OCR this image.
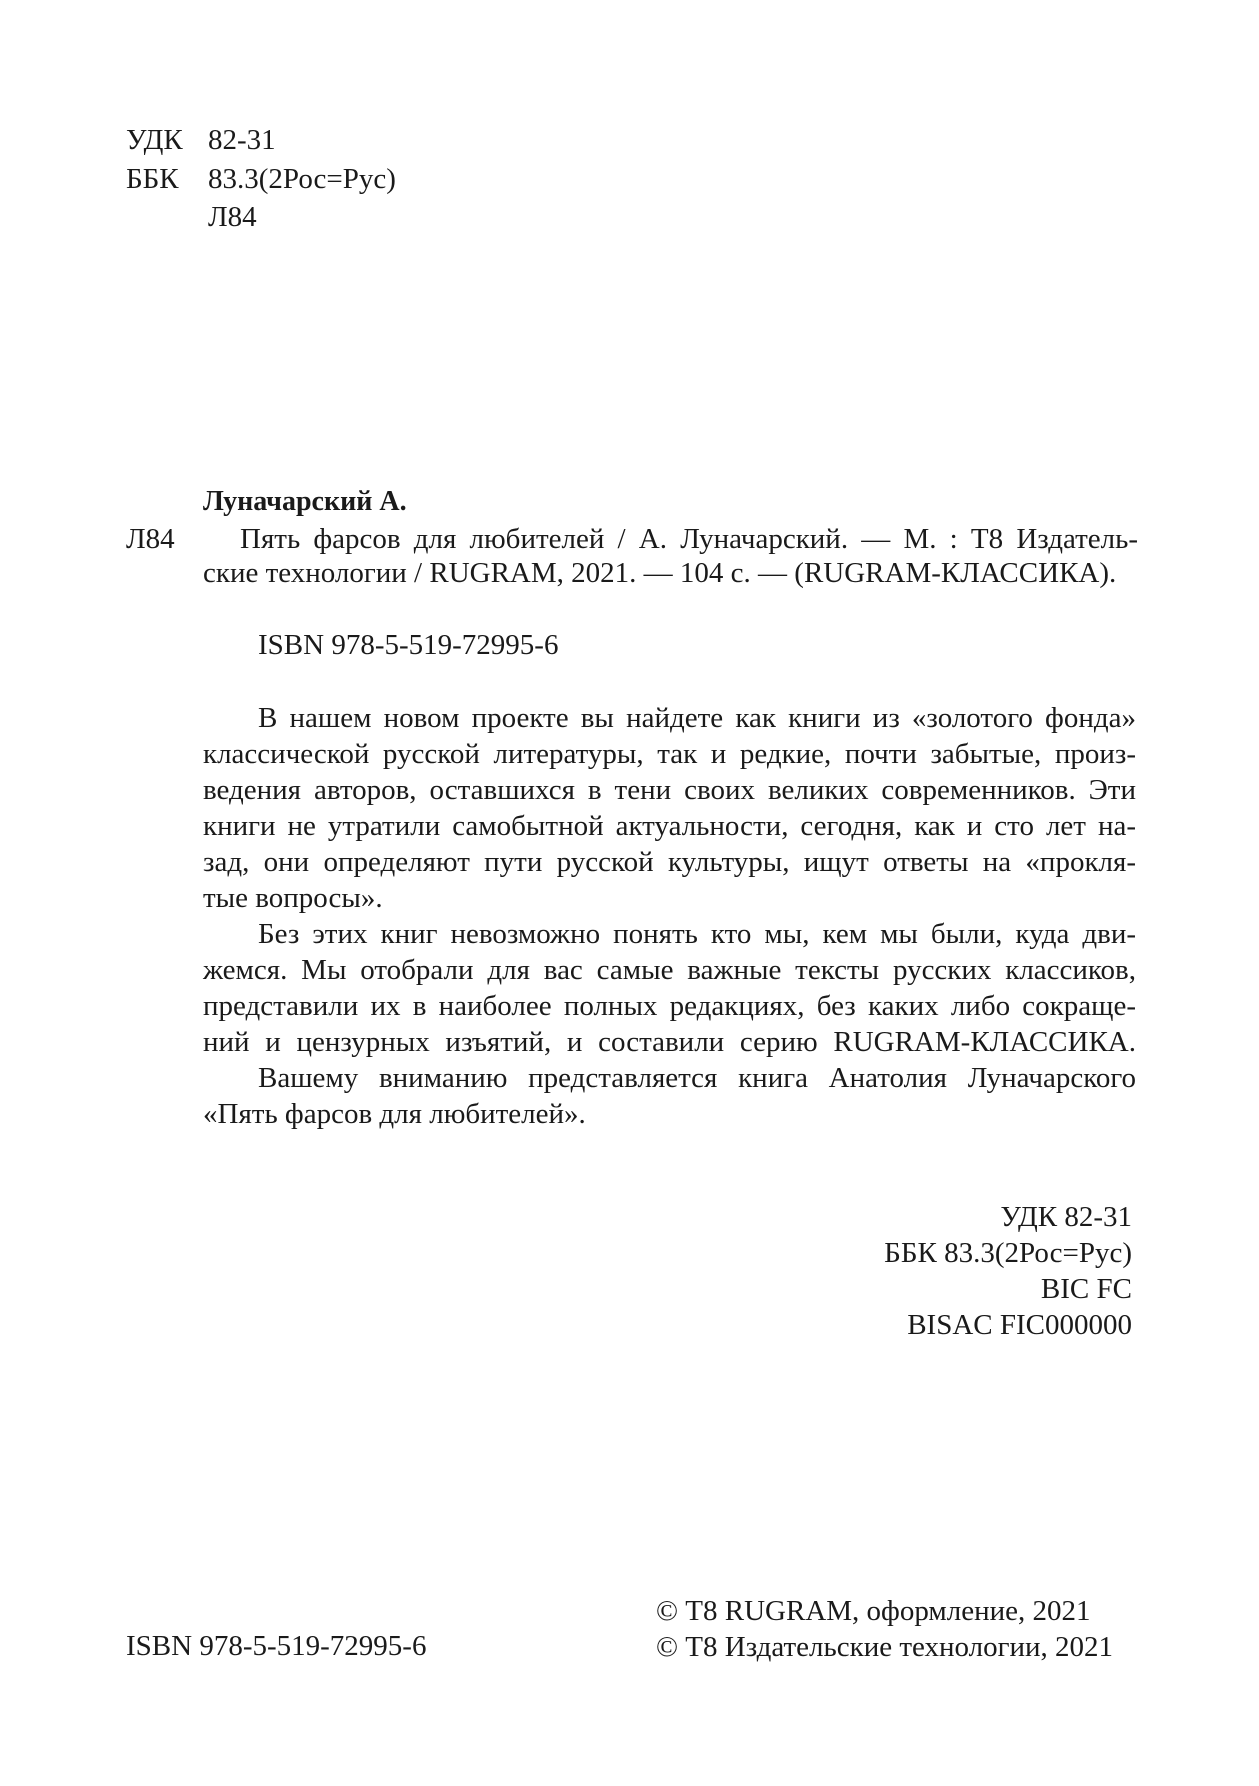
УДК 82-31
ББК 83.3(2Рос=Рус)
Л84
Луначарский А.
Л84 Пять фарсов для любителей / А. Луначарский. — М. : Т8 Издатель-
ские технологии / RUGRAM, 2021. — 104 с. — (RUGRAM-КЛАССИКА).
ISBN 978-5-519-72995-6

В нашем новом проекте вы найдете как книги из «золотого фонда»

классической русской литературы, так и редкие, почти забытые, произ-
ведения авторов, оставшихся в тени своих великих современников. Эти
книги не утратили самобытной актуальности, сегодня, как и сто лет на-
зад, они определяют пути русской культуры, ищут ответы на «прокля-
тые вопросы».

Без этих книг невозможно понять кто мы, кем мы были, куда дви-

жемся. Мы отобрали для вас самые важные тексты русских классиков,
представили их в наиболее полных редакциях, без каких либо сокраще-
ний и цензурных изъятий, и составили серию RUGRAM-КЛАССИКА.

Вашему вниманию представляется книга Анатолия Луначарского

«Пять фарсов для любителей».
УДК 82-31
ББК 83.3(2Рос=Рус)
BIC FC
BISAC FIC000000
ISBN 978-5-519-72995-6
© Т8 RUGRAM, оформление, 2021
© Т8 Издательские технологии, 2021
